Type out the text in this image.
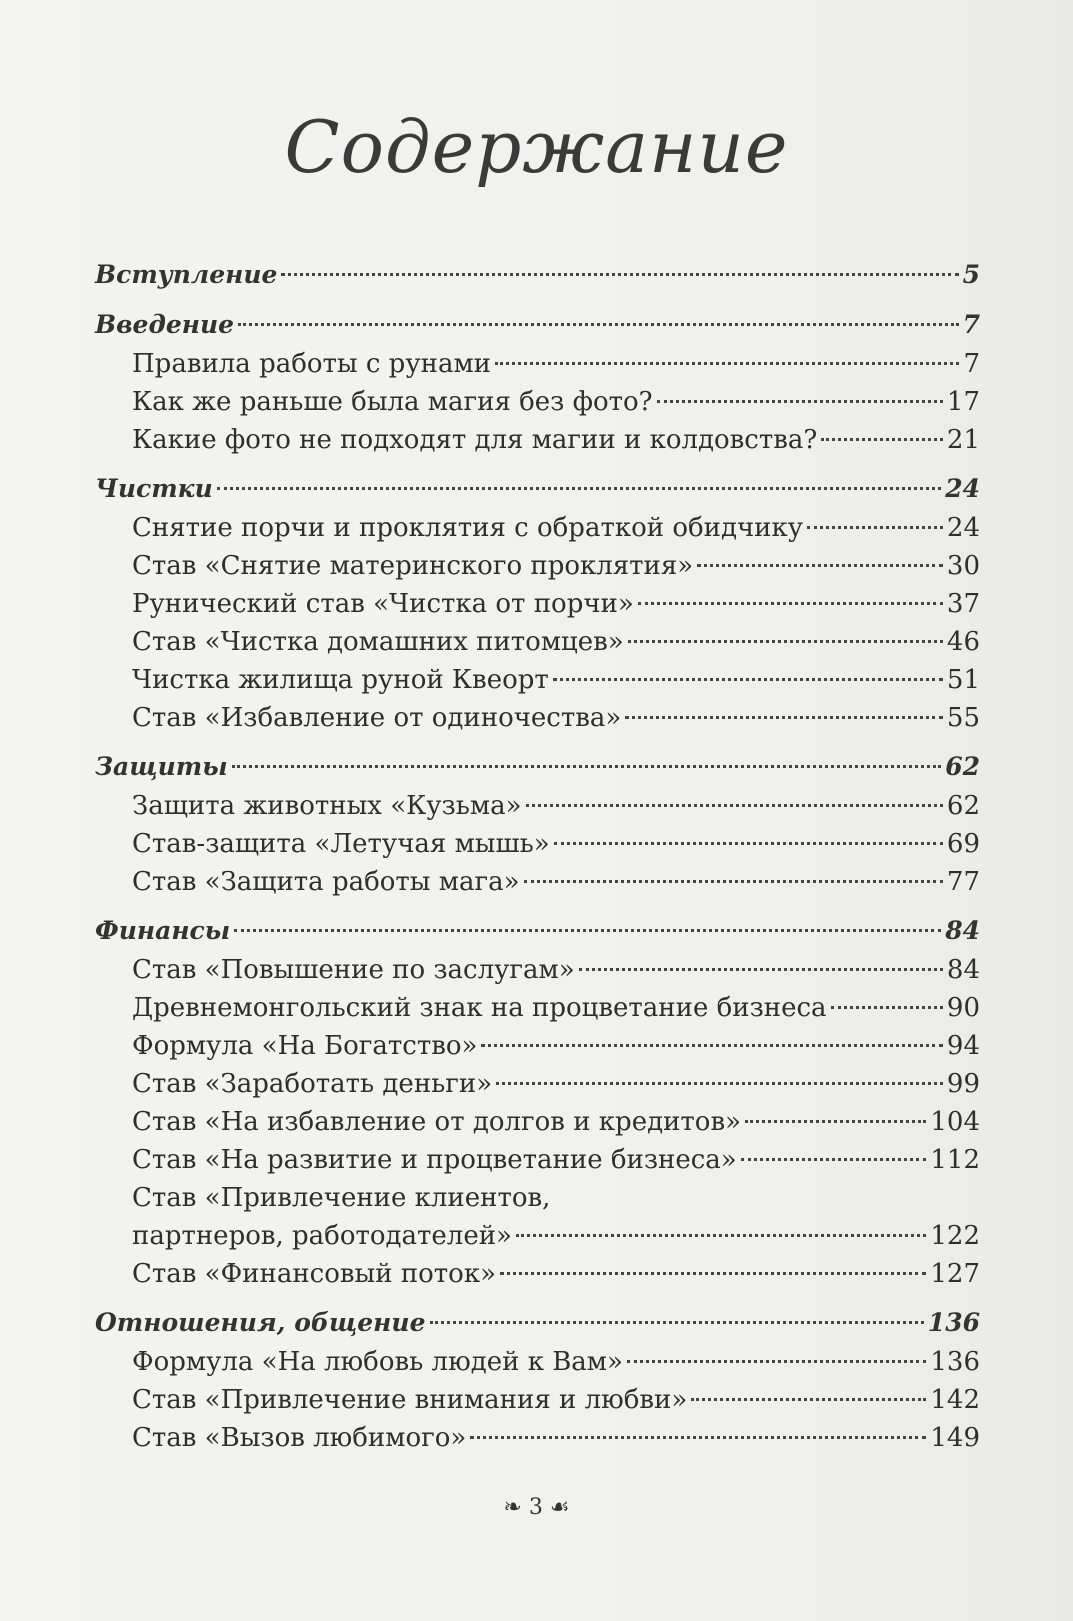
Содержание
Вступление	5
Введение	7
Правила работы с рунами	7
Как же раньше была магия без фото?	17
Какие фото не подходят для магии и колдовства?	21
Чистки	24
Снятие порчи и проклятия с обраткой обидчику	24
Став «Снятие материнского проклятия»	30
Рунический став «Чистка от порчи»	37
Став «Чистка домашних питомцев»	46
Чистка жилища руной Квеорт	51
Став «Избавление от одиночества»	55
Защиты	62
Защита животных «Кузьма»	62
Став-защита «Летучая мышь»	69
Став «Защита работы мага»	77
Финансы	84
Став «Повышение по заслугам»	84
Древнемонгольский знак на процветание бизнеса	90
Формула «На Богатство»	94
Став «Заработать деньги»	99
Став «На избавление от долгов и кредитов»	104
Став «На развитие и процветание бизнеса»	112
Став «Привлечение клиентов,
партнеров, работодателей»	122
Став «Финансовый поток»	127
Отношения, общение	136
Формула «На любовь людей к Вам»	136
Став «Привлечение внимания и любви»	142
Став «Вызов любимого»	149
❧ 3 ☙
